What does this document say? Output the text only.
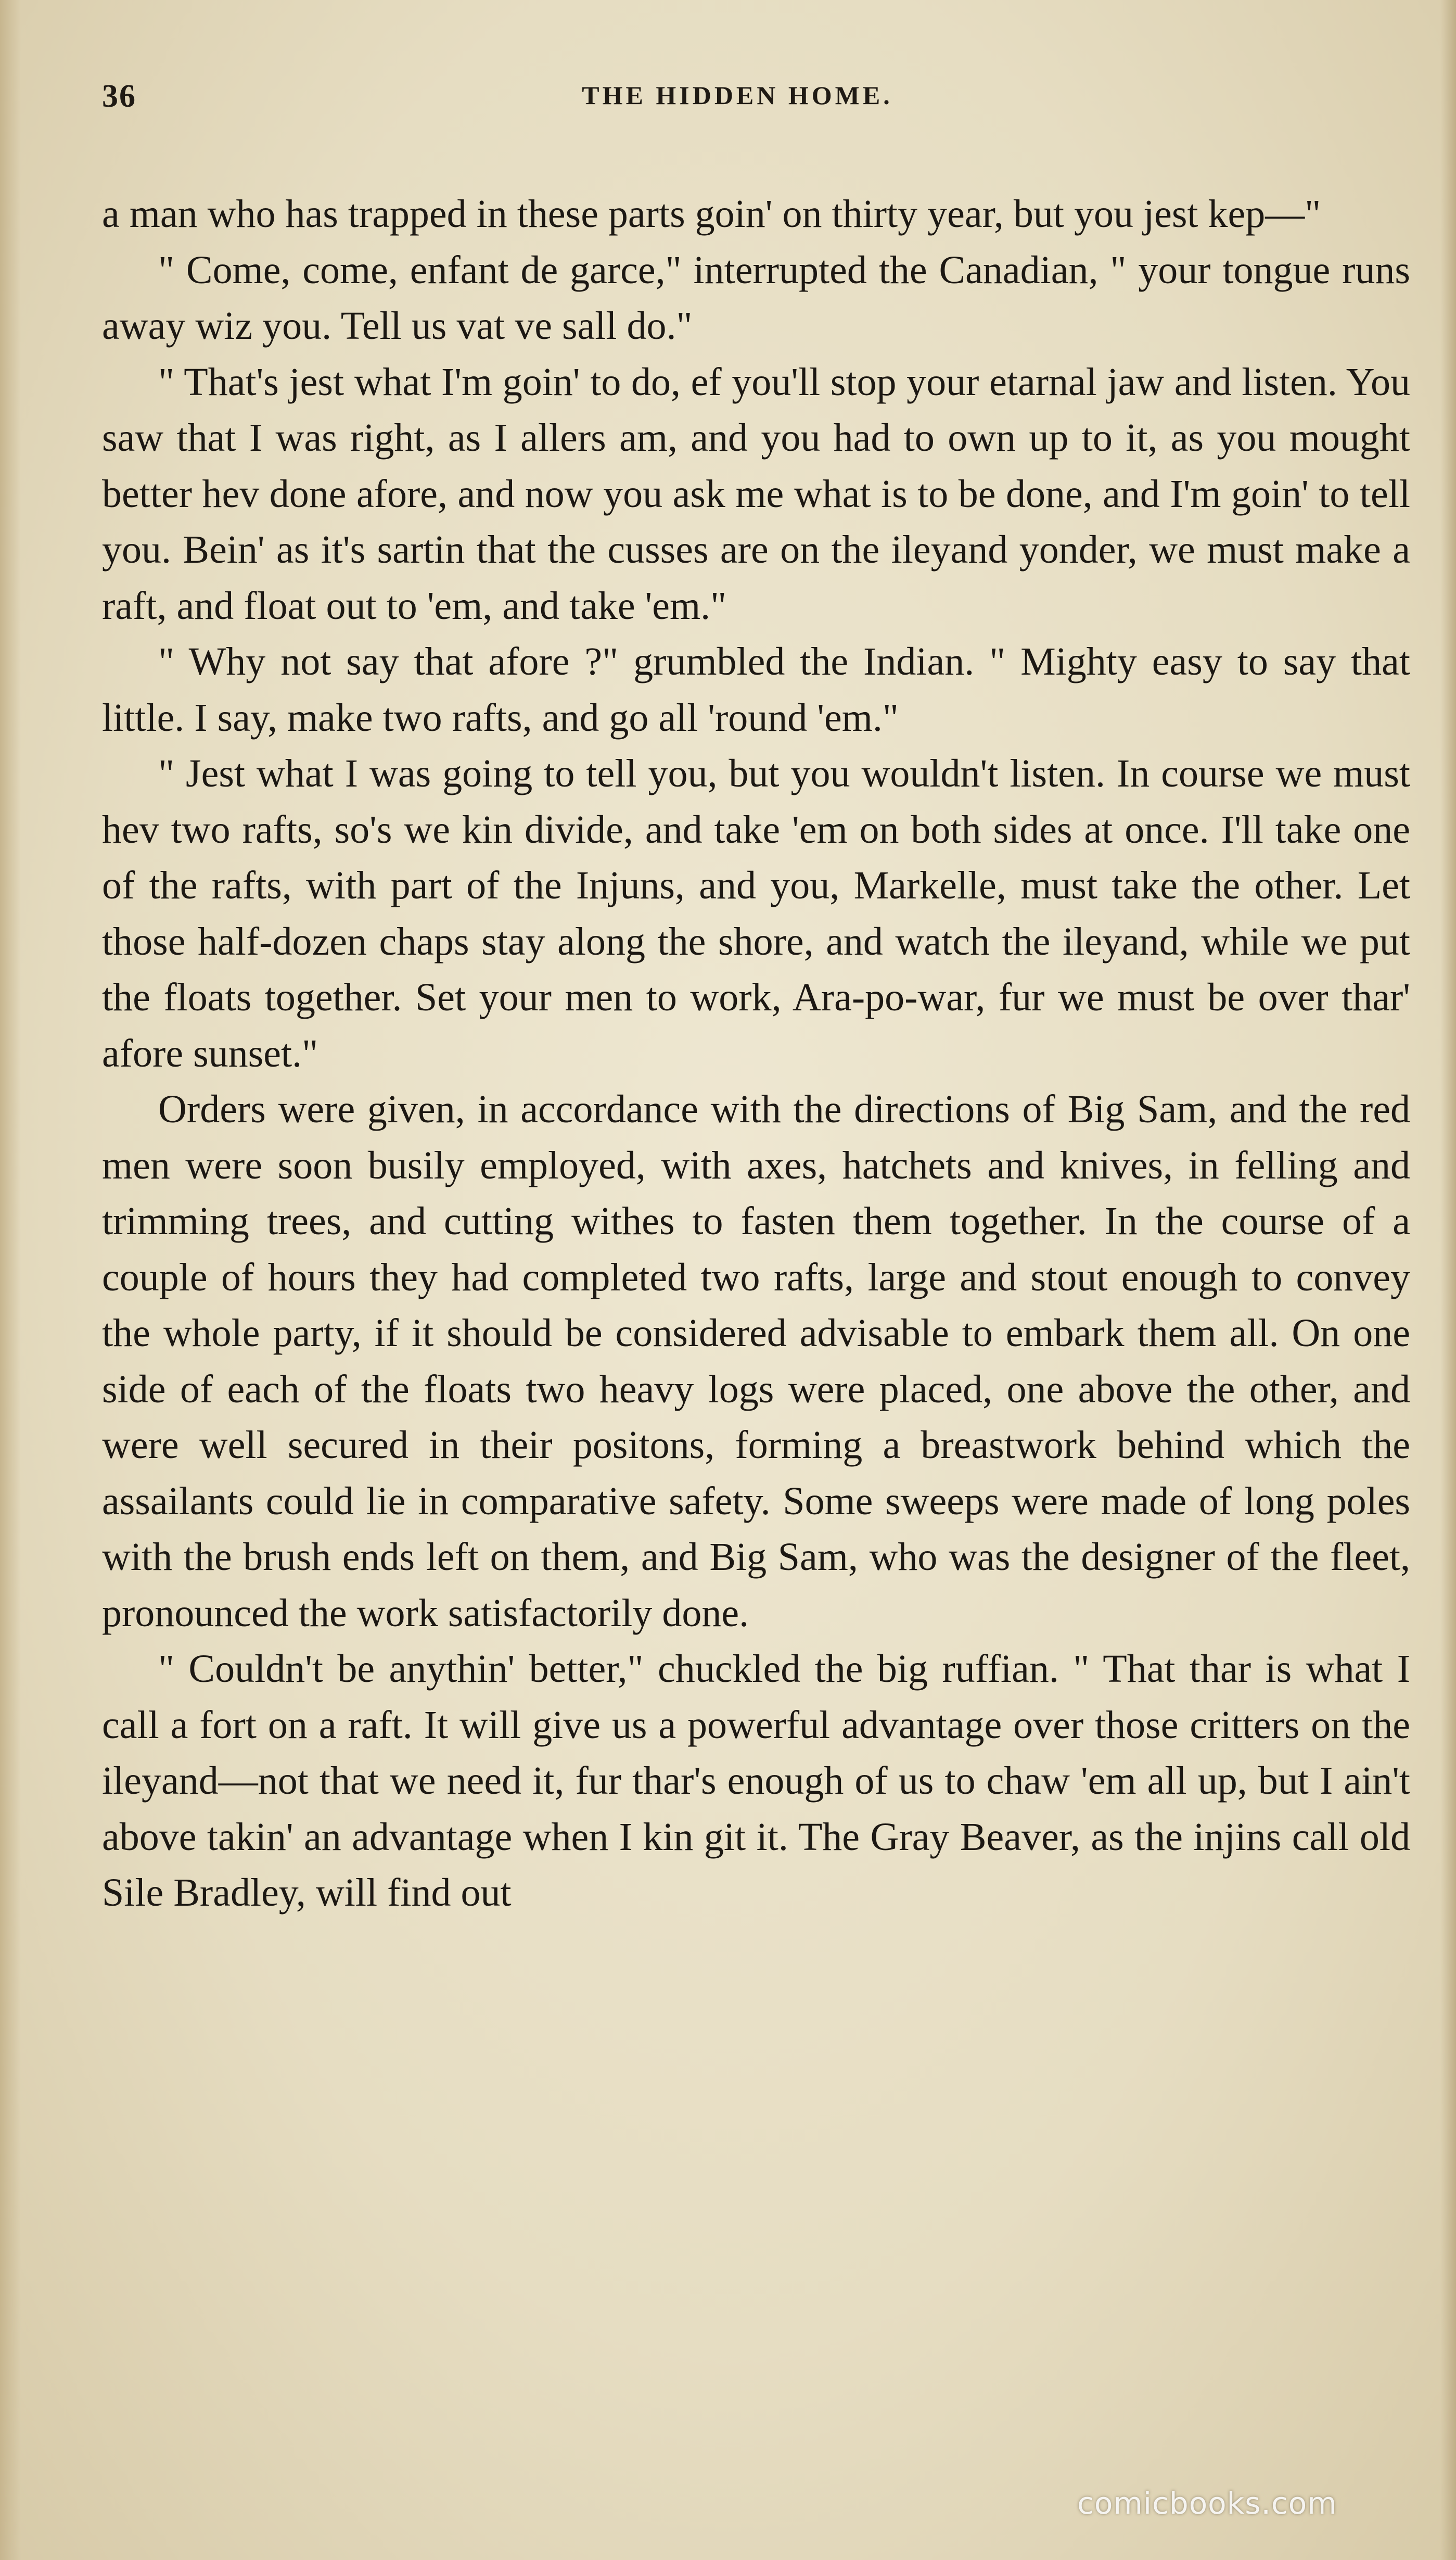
36	THE HIDDEN HOME.

a man who has trapped in these parts goin' on thirty year, but you jest kep—"

" Come, come, enfant de garce," interrupted the Canadian, " your tongue runs away wiz you. Tell us vat ve sall do."

" That's jest what I'm goin' to do, ef you'll stop your etarnal jaw and listen. You saw that I was right, as I allers am, and you had to own up to it, as you mought better hev done afore, and now you ask me what is to be done, and I'm goin' to tell you. Bein' as it's sartin that the cusses are on the ileyand yonder, we must make a raft, and float out to 'em, and take 'em."

" Why not say that afore ?" grumbled the Indian. " Mighty easy to say that little. I say, make two rafts, and go all 'round 'em."

" Jest what I was going to tell you, but you wouldn't listen. In course we must hev two rafts, so's we kin divide, and take 'em on both sides at once. I'll take one of the rafts, with part of the Injuns, and you, Markelle, must take the other. Let those half-dozen chaps stay along the shore, and watch the ileyand, while we put the floats together. Set your men to work, Ara-po-war, fur we must be over thar' afore sunset."

Orders were given, in accordance with the directions of Big Sam, and the red men were soon busily employed, with axes, hatchets and knives, in felling and trimming trees, and cutting withes to fasten them together. In the course of a couple of hours they had completed two rafts, large and stout enough to convey the whole party, if it should be considered advisable to embark them all. On one side of each of the floats two heavy logs were placed, one above the other, and were well secured in their positons, forming a breastwork behind which the assailants could lie in comparative safety. Some sweeps were made of long poles with the brush ends left on them, and Big Sam, who was the designer of the fleet, pronounced the work satisfactorily done.

" Couldn't be anythin' better," chuckled the big ruffian. " That thar is what I call a fort on a raft. It will give us a powerful advantage over those critters on the ileyand—not that we need it, fur thar's enough of us to chaw 'em all up, but I ain't above takin' an advantage when I kin git it. The Gray Beaver, as the injins call old Sile Bradley, will find out

comicbooks.com
